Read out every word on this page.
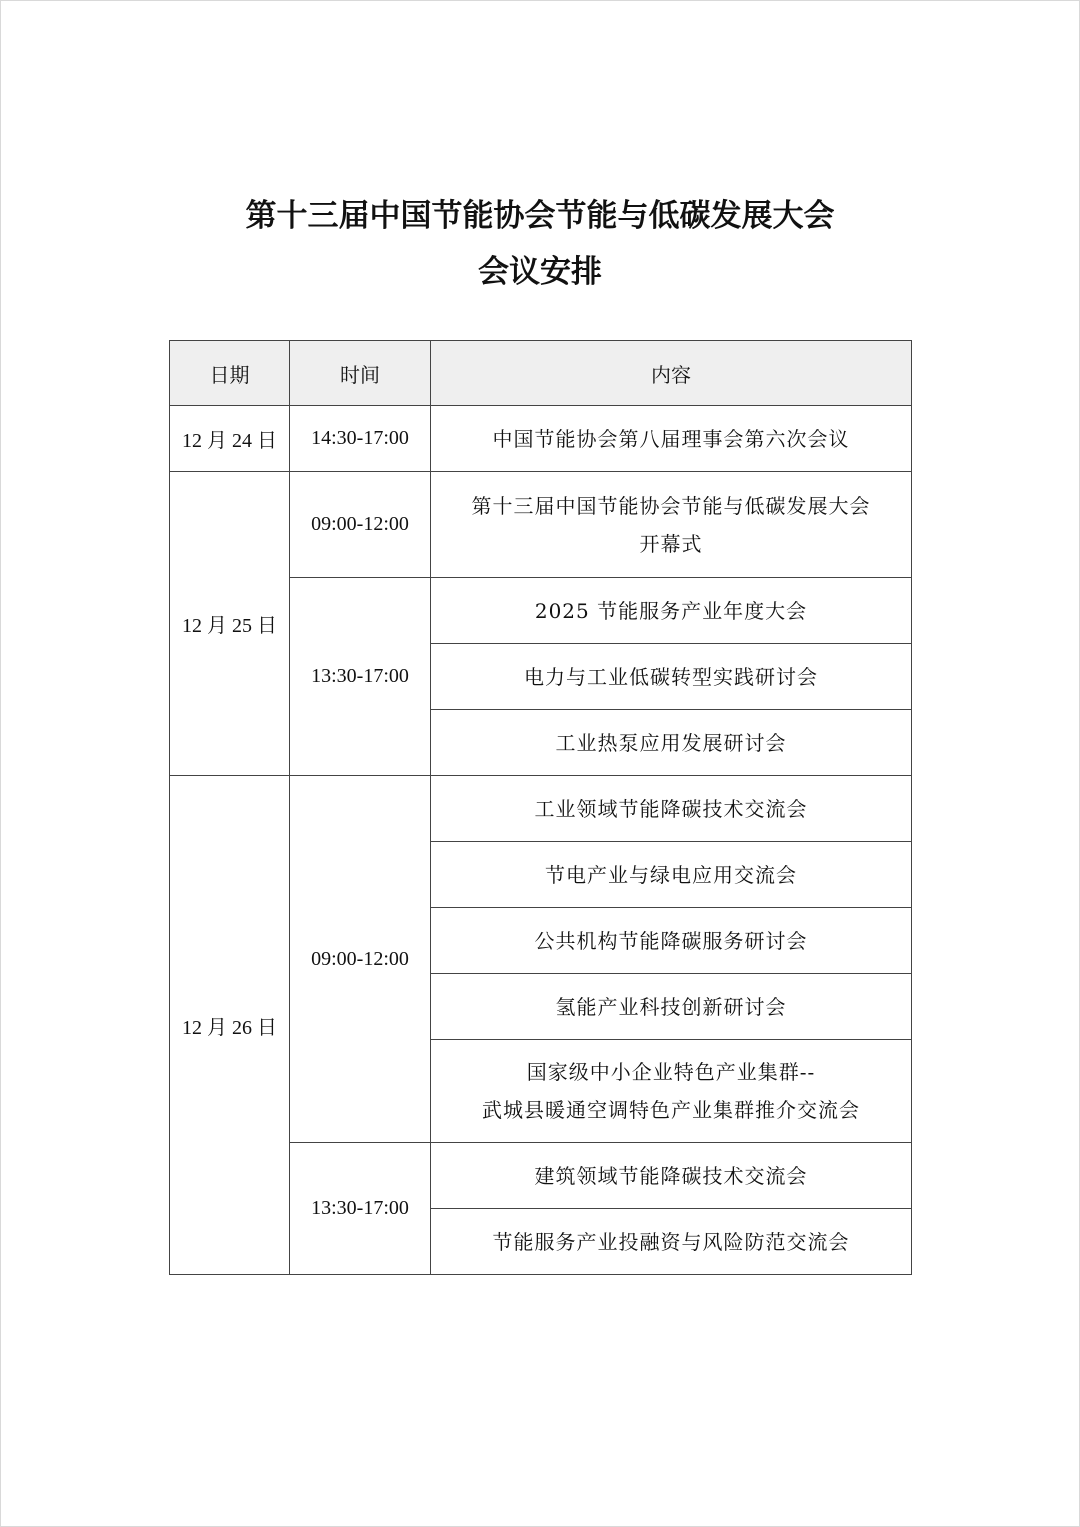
第十三届中国节能协会节能与低碳发展大会
会议安排
日期	时间	内容
12 月 24 日	14:30-17:00	中国节能协会第八届理事会第六次会议

12 月 25 日	09:00-12:00	第十三届中国节能协会节能与低碳发展大会
开幕式

	13:30-17:00	2025 节能服务产业年度大会

		电力与工业低碳转型实践研讨会

		工业热泵应用发展研讨会

12 月 26 日	09:00-12:00	工业领域节能降碳技术交流会

		节电产业与绿电应用交流会

		公共机构节能降碳服务研讨会

		氢能产业科技创新研讨会

		国家级中小企业特色产业集群--
武城县暖通空调特色产业集群推介交流会

	13:30-17:00	建筑领域节能降碳技术交流会

		节能服务产业投融资与风险防范交流会
